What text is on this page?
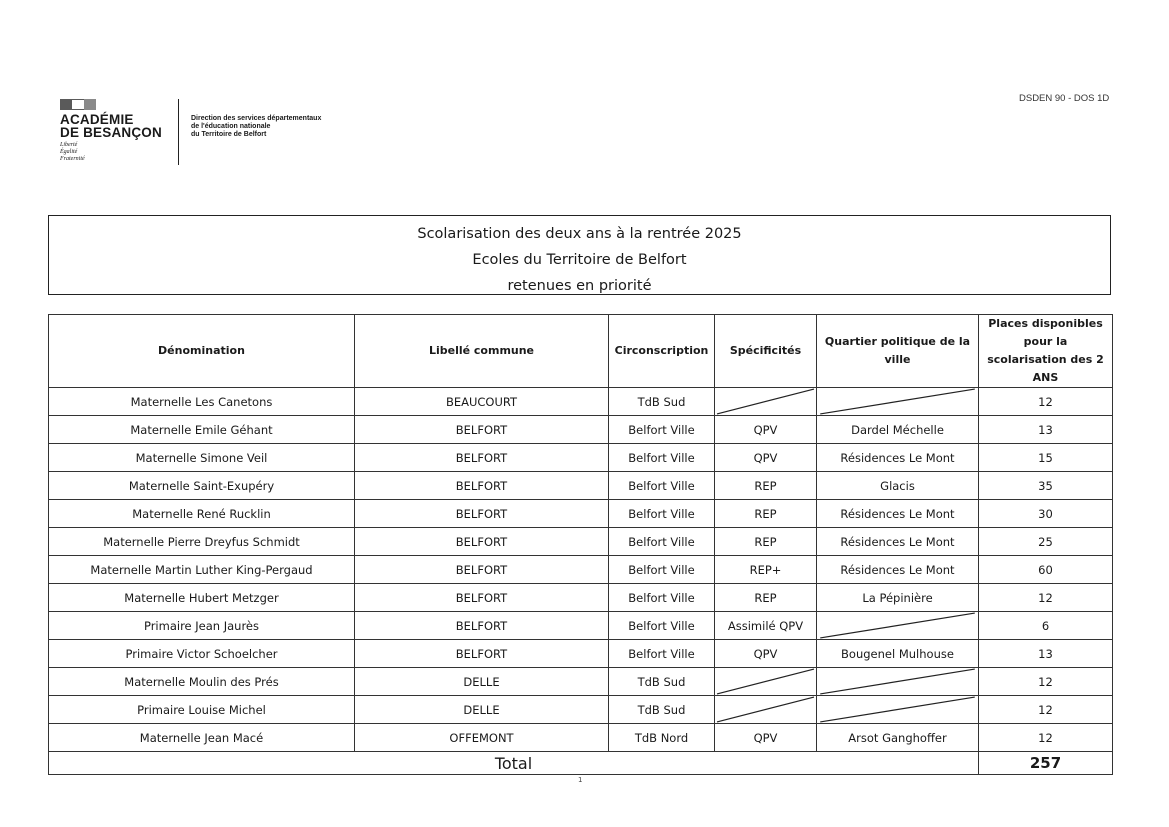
ACADÉMIE
DE BESANÇON
Liberté
Égalité
Fraternité
Direction des services départementaux
de l'éducation nationale
du Territoire de Belfort
DSDEN 90 - DOS 1D
Scolarisation des deux ans à la rentrée 2025
Ecoles du Territoire de Belfort
retenues en priorité
Dénomination	Libellé commune	Circonscription	Spécificités	Quartier politique de la ville	Places disponibles pour la scolarisation des 2 ANS
Maternelle Les Canetons	BEAUCOURT	TdB Sud			12
Maternelle Emile Géhant	BELFORT	Belfort Ville	QPV	Dardel Méchelle	13
Maternelle Simone Veil	BELFORT	Belfort Ville	QPV	Résidences Le Mont	15
Maternelle Saint-Exupéry	BELFORT	Belfort Ville	REP	Glacis	35
Maternelle René Rucklin	BELFORT	Belfort Ville	REP	Résidences Le Mont	30
Maternelle Pierre Dreyfus Schmidt	BELFORT	Belfort Ville	REP	Résidences Le Mont	25
Maternelle Martin Luther King-Pergaud	BELFORT	Belfort Ville	REP+	Résidences Le Mont	60
Maternelle Hubert Metzger	BELFORT	Belfort Ville	REP	La Pépinière	12
Primaire Jean Jaurès	BELFORT	Belfort Ville	Assimilé QPV		6
Primaire Victor Schoelcher	BELFORT	Belfort Ville	QPV	Bougenel Mulhouse	13
Maternelle Moulin des Prés	DELLE	TdB Sud			12
Primaire Louise Michel	DELLE	TdB Sud			12
Maternelle Jean Macé	OFFEMONT	TdB Nord	QPV	Arsot Ganghoffer	12
Total					257
1
